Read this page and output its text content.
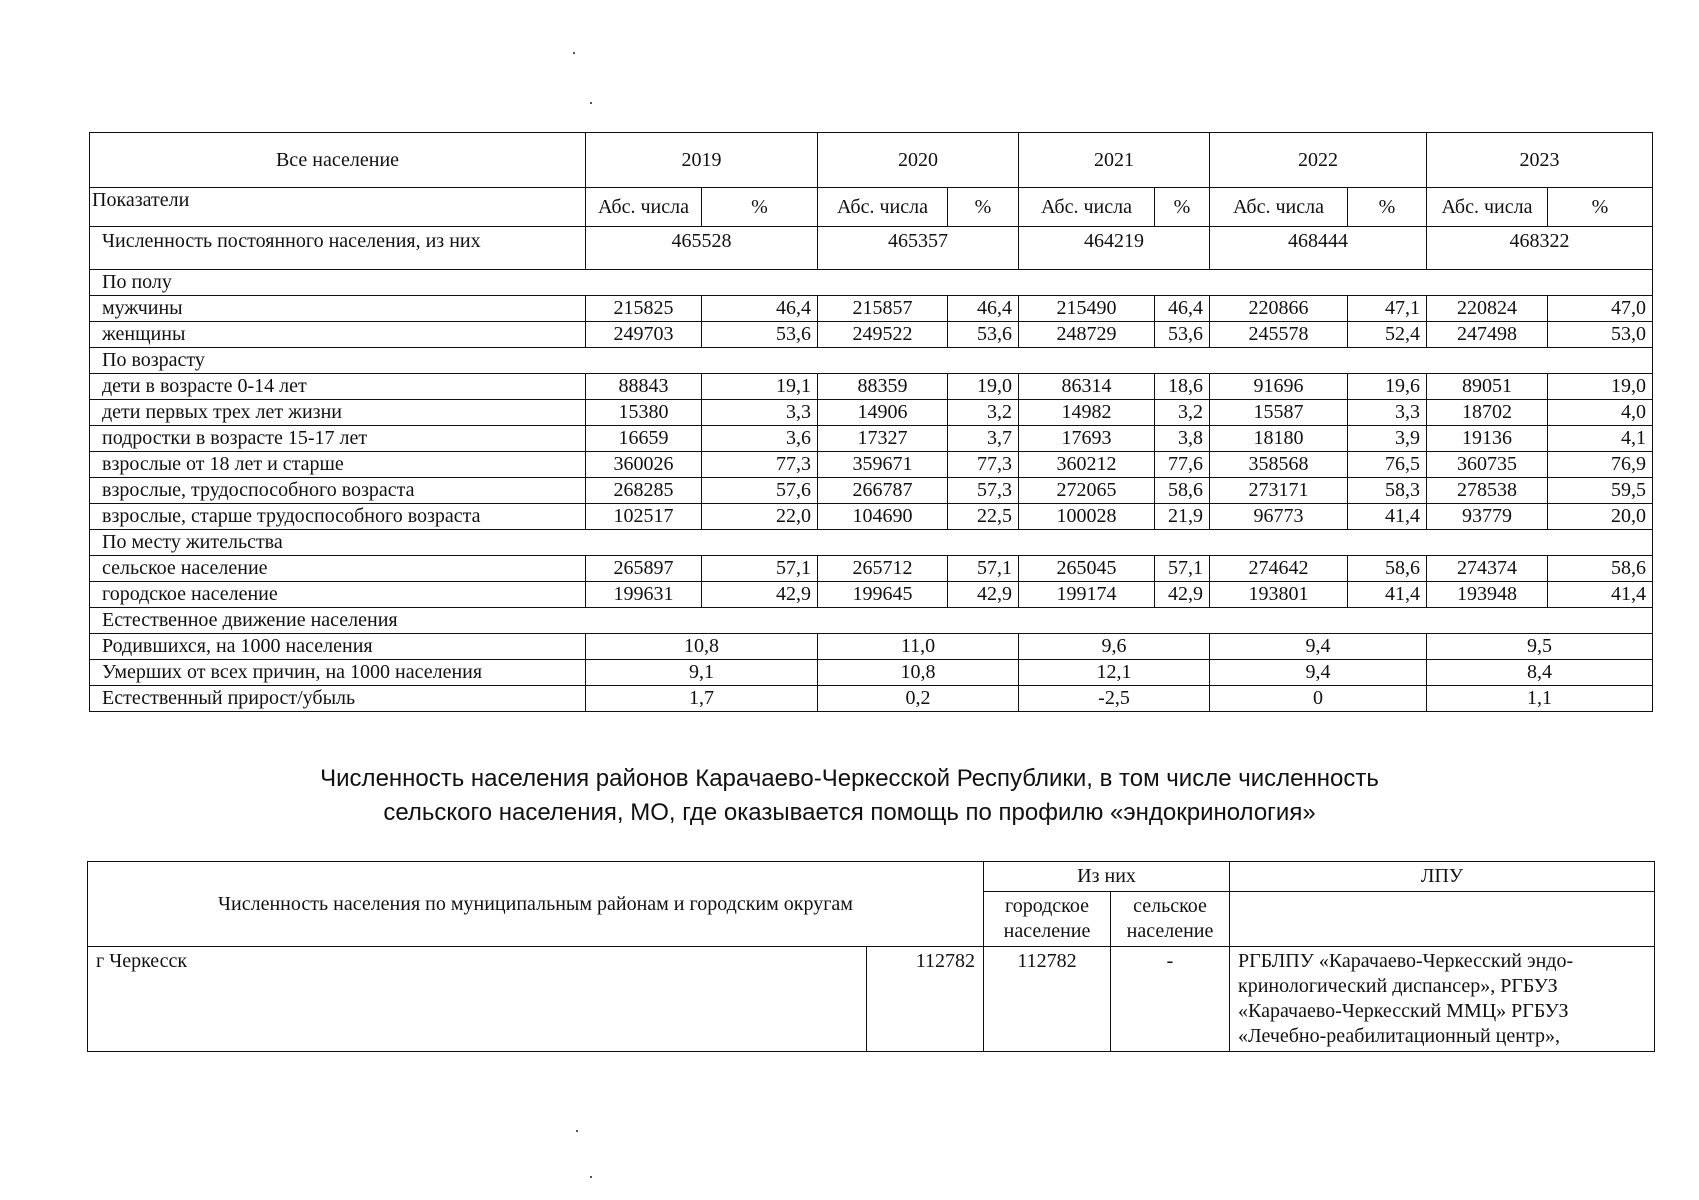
Все население	2019		2020		2021		2022		2023	
Показатели	Абс. числа	%	Абс. числа	%	Абс. числа	%	Абс. числа	%	Абс. числа	%
Численность постоянного населения, из них	465528		465357		464219		468444		468322	
По полу										
мужчины	215825	46,4	215857	46,4	215490	46,4	220866	47,1	220824	47,0
женщины	249703	53,6	249522	53,6	248729	53,6	245578	52,4	247498	53,0
По возрасту										
дети в возрасте 0-14 лет	88843	19,1	88359	19,0	86314	18,6	91696	19,6	89051	19,0
дети первых трех лет жизни	15380	3,3	14906	3,2	14982	3,2	15587	3,3	18702	4,0
подростки в возрасте 15-17 лет	16659	3,6	17327	3,7	17693	3,8	18180	3,9	19136	4,1
взрослые от 18 лет и старше	360026	77,3	359671	77,3	360212	77,6	358568	76,5	360735	76,9
взрослые, трудоспособного возраста	268285	57,6	266787	57,3	272065	58,6	273171	58,3	278538	59,5
взрослые, старше трудоспособного возраста	102517	22,0	104690	22,5	100028	21,9	96773	41,4	93779	20,0
По месту жительства										
сельское население	265897	57,1	265712	57,1	265045	57,1	274642	58,6	274374	58,6
городское население	199631	42,9	199645	42,9	199174	42,9	193801	41,4	193948	41,4
Естественное движение населения										
Родившихся, на 1000 населения	10,8		11,0		9,6		9,4		9,5	
Умерших от всех причин, на 1000 населения	9,1		10,8		12,1		9,4		8,4	
Естественный прирост/убыль	1,7		0,2		-2,5		0		1,1	
Численность населения районов Карачаево-Черкесской Республики, в том числе численность
сельского населения, МО, где оказывается помощь по профилю «эндокринология»
Численность населения по муниципальным районам и городским округам		Из них		ЛПУ
		городское население	сельское население	
г Черкесск	112782	112782	-	РГБЛПУ «Карачаево-Черкесский эндо-кринологический диспансер», РГБУЗ «Карачаево-Черкесский ММЦ» РГБУЗ «Лечебно-реабилитационный центр»,
